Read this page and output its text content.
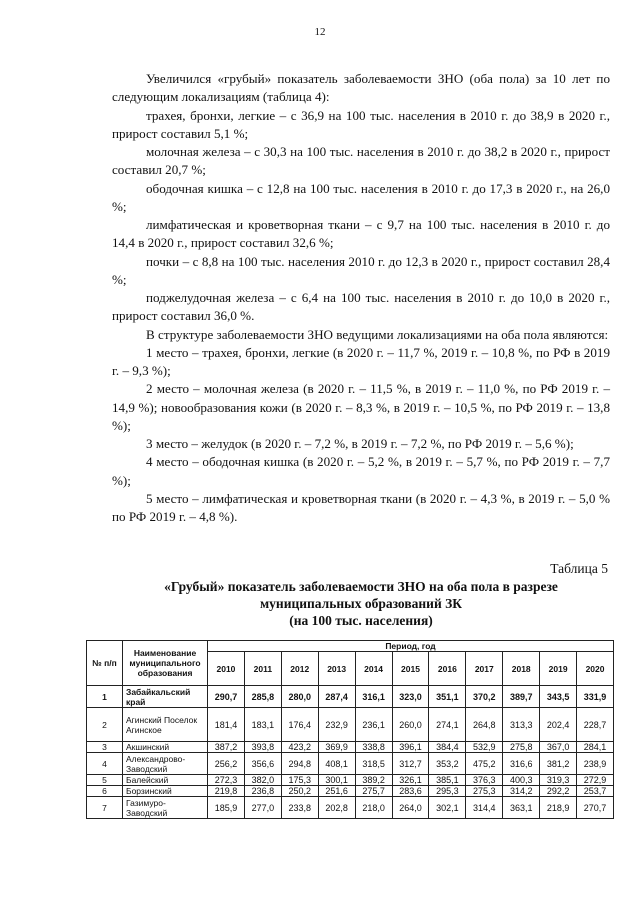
12

Увеличился «грубый» показатель заболеваемости ЗНО (оба пола) за 10 лет по следующим локализациям (таблица 4):

трахея, бронхи, легкие – с 36,9 на 100 тыс. населения в 2010 г. до 38,9 в 2020 г., прирост составил 5,1 %;

молочная железа – с 30,3 на 100 тыс. населения в 2010 г. до 38,2 в 2020 г., прирост составил 20,7 %;

ободочная кишка – с 12,8 на 100 тыс. населения в 2010 г. до 17,3 в 2020 г., на 26,0 %;

лимфатическая и кроветворная ткани – с 9,7 на 100 тыс. населения в 2010 г. до 14,4 в 2020 г., прирост составил 32,6 %;

почки – с 8,8 на 100 тыс. населения 2010 г. до 12,3 в 2020 г., прирост составил 28,4 %;

поджелудочная железа – с 6,4 на 100 тыс. населения в 2010 г. до 10,0 в 2020 г., прирост составил 36,0 %.

В структуре заболеваемости ЗНО ведущими локализациями на оба пола являются:

1 место – трахея, бронхи, легкие (в 2020 г. – 11,7 %, 2019 г. – 10,8 %, по РФ в 2019 г. – 9,3 %);

2 место – молочная железа (в 2020 г. – 11,5 %, в 2019 г. – 11,0 %, по РФ 2019 г. – 14,9 %); новообразования кожи (в 2020 г. – 8,3 %, в 2019 г. – 10,5 %, по РФ 2019 г. – 13,8 %);

3 место – желудок (в 2020 г. – 7,2 %, в 2019 г. – 7,2 %, по РФ 2019 г. – 5,6 %);

4 место – ободочная кишка (в 2020 г. – 5,2 %, в 2019 г. – 5,7 %, по РФ 2019 г. – 7,7 %);

5 место – лимфатическая и кроветворная ткани (в 2020 г. – 4,3 %, в 2019 г. – 5,0 % по РФ 2019 г. – 4,8 %).

Таблица 5
«Грубый» показатель заболеваемости ЗНО на оба пола в разрезе
муниципальных образований ЗК
(на 100 тыс. населения)
№ п/п	Наименование муниципального образования	Период, год										
		2010	2011	2012	2013	2014	2015	2016	2017	2018	2019	2020
1	Забайкальский край	290,7	285,8	280,0	287,4	316,1	323,0	351,1	370,2	389,7	343,5	331,9
2	Агинский Поселок Агинское	181,4	183,1	176,4	232,9	236,1	260,0	274,1	264,8	313,3	202,4	228,7
3	Акшинский	387,2	393,8	423,2	369,9	338,8	396,1	384,4	532,9	275,8	367,0	284,1
4	Александрово-Заводский	256,2	356,6	294,8	408,1	318,5	312,7	353,2	475,2	316,6	381,2	238,9
5	Балейский	272,3	382,0	175,3	300,1	389,2	326,1	385,1	376,3	400,3	319,3	272,9
6	Борзинский	219,8	236,8	250,2	251,6	275,7	283,6	295,3	275,3	314,2	292,2	253,7
7	Газимуро-Заводский	185,9	277,0	233,8	202,8	218,0	264,0	302,1	314,4	363,1	218,9	270,7
